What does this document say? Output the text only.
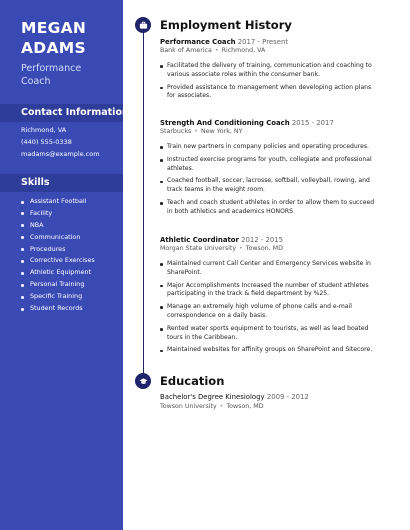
MEGAN
ADAMS
Performance
Coach
Contact Information
Richmond, VA
(440) 555-0338
madams@example.com
Skills
Assistant Football
Facility
NBA
Communication
Procedures
Corrective Exercises
Athletic Equipment
Personal Training
Specific Training
Student Records
Employment History
Performance Coach 2017 - Present
Bank of America • Richmond, VA
Facilitated the delivery of training, communication and coaching to various associate roles within the consumer bank.
Provided assistance to management when developing action plans for associates.
Strength And Conditioning Coach 2015 - 2017
Starbucks • New York, NY
Train new partners in company policies and operating procedures.
Instructed exercise programs for youth, collegiate and professional athletes.
Coached football, soccer, lacrosse, softball, volleyball, rowing, and track teams in the weight room.
Teach and coach student athletes in order to allow them to succeed in both athletics and academics HONORS
Athletic Coordinator 2012 - 2015
Morgan State University • Towson, MD
Maintained current Call Center and Emergency Services website in SharePoint.
Major Accomplishments Increased the number of student athletes participating in the track & field department by %25.
Manage an extremely high volume of phone calls and e-mail correspondence on a daily basis.
Rented water sports equipment to tourists, as well as lead boated tours in the Caribbean.
Maintained websites for affinity groups on SharePoint and Sitecore.
Education
Bachelor's Degree Kinesiology 2009 - 2012
Towson University • Towson, MD
